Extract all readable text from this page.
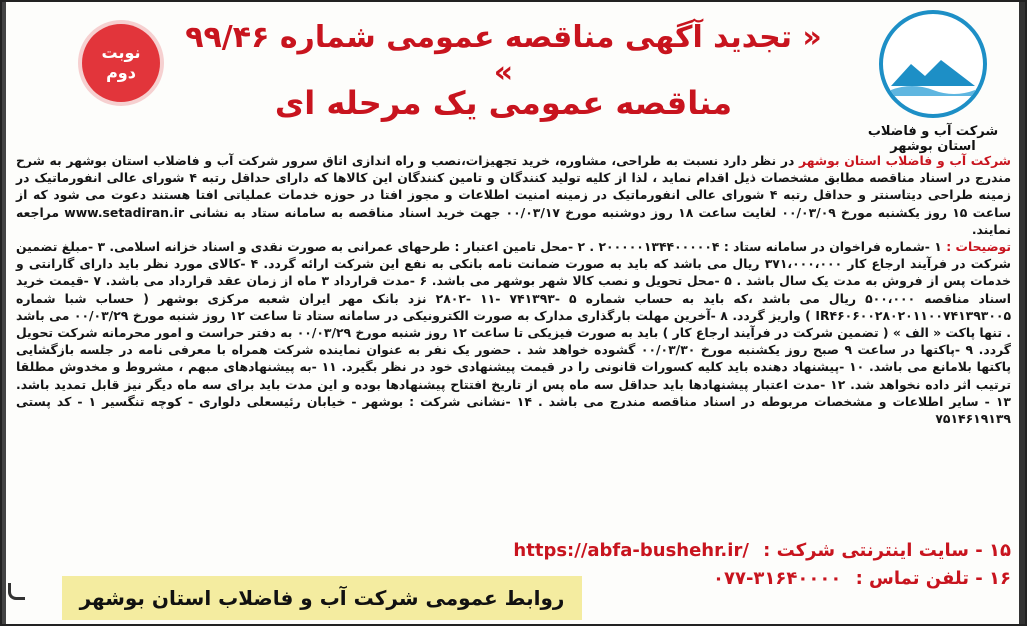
شرکت آب و فاضلاب استان بوشهر
« تجدید آگهی مناقصه عمومی شماره ۹۹/۴۶ »
مناقصه عمومی یک مرحله ای
نوبت
دوم
شرکت آب و فاضلاب استان بوشهر در نظر دارد نسبت به طراحی، مشاوره، خرید تجهیزات،نصب و راه اندازی اتاق سرور شرکت آب و فاضلاب استان بوشهر به شرح مندرج در اسناد مناقصه مطابق مشخصات ذیل اقدام نماید ، لذا از کلیه تولید کنندگان و تامین کنندگان این کالاها که دارای حداقل رتبه ۴ شورای عالی انفورماتیک در زمینه طراحی دیتاسنتر و حداقل رتبه ۴ شورای عالی انفورماتیک در زمینه امنیت اطلاعات و مجوز افتا در حوزه خدمات عملیاتی افتا هستند دعوت می شود که از ساعت ۱۵ روز یکشنبه مورخ ۰۰/۰۳/۰۹ لغایت ساعت ۱۸ روز دوشنبه مورخ ۰۰/۰۳/۱۷ جهت خرید اسناد مناقصه به سامانه ستاد به نشانی www.setadiran.ir مراجعه نمایند.
توضیحات : ۱ -شماره فراخوان در سامانه ستاد : ۲۰۰۰۰۰۱۳۴۴۰۰۰۰۰۴ . ۲ -محل تامین اعتبار : طرحهای عمرانی به صورت نقدی و اسناد خزانه اسلامی. ۳ -مبلغ تضمین شرکت در فرآیند ارجاع کار ۳۷۱،۰۰۰،۰۰۰ ریال می باشد که باید به صورت ضمانت نامه بانکی به نفع این شرکت ارائه گردد. ۴ -کالای مورد نظر باید دارای گارانتی و خدمات پس از فروش به مدت یک سال باشد . ۵ -محل تحویل و نصب کالا شهر بوشهر می باشد. ۶ -مدت قرارداد ۳ ماه از زمان عقد قرارداد می باشد. ۷ -قیمت خرید اسناد مناقصه ۵۰۰،۰۰۰ ریال می باشد ،که باید به حساب شماره ۵ -۷۴۱۳۹۳ -۱۱ -۲۸۰۲ نزد بانک مهر ایران شعبه مرکزی بوشهر ( حساب شبا شماره IR۴۶۰۶۰۰۲۸۰۲۰۱۱۰۰۷۴۱۳۹۳۰۰۵ ) واریز گردد. ۸ -آخرین مهلت بارگذاری مدارک به صورت الکترونیکی در سامانه ستاد تا ساعت ۱۲ روز شنبه مورخ ۰۰/۰۳/۲۹ می باشد . تنها پاکت « الف » ( تضمین شرکت در فرآیند ارجاع کار ) باید به صورت فیزیکی تا ساعت ۱۲ روز شنبه مورخ ۰۰/۰۳/۲۹ به دفتر حراست و امور محرمانه شرکت تحویل گردد. ۹ -پاکتها در ساعت ۹ صبح روز یکشنبه مورخ ۰۰/۰۳/۳۰ گشوده خواهد شد . حضور یک نفر به عنوان نماینده شرکت همراه با معرفی نامه در جلسه بازگشایی پاکتها بلامانع می باشد. ۱۰ -پیشنهاد دهنده باید کلیه کسورات قانونی را در قیمت پیشنهادی خود در نظر بگیرد. ۱۱ -به پیشنهادهای مبهم ، مشروط و مخدوش مطلقا ترتیب اثر داده نخواهد شد. ۱۲ -مدت اعتبار پیشنهادها باید حداقل سه ماه پس از تاریخ افتتاح پیشنهادها بوده و این مدت باید برای سه ماه دیگر نیز قابل تمدید باشد. ۱۳ - سایر اطلاعات و مشخصات مربوطه در اسناد مناقصه مندرج می باشد . ۱۴ -نشانی شرکت : بوشهر - خیابان رئیسعلی دلواری - کوچه تنگسیر ۱ - کد پستی ۷۵۱۴۶۱۹۱۳۹
۱۵ - سایت اینترنتی شرکت : https://abfa-bushehr.ir/
۱۶ - تلفن تماس : ۰۷۷-۳۱۶۴۰۰۰۰
روابط عمومی شرکت آب و فاضلاب استان بوشهر
